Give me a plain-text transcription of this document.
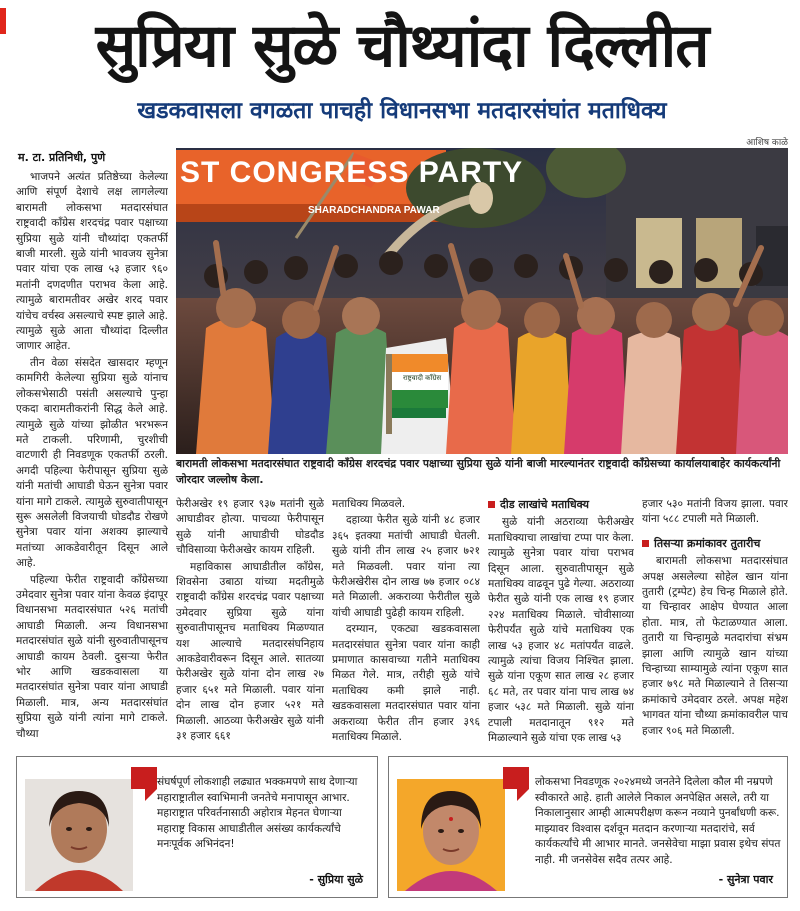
सुप्रिया सुळे चौथ्यांदा दिल्लीत
खडकवासला वगळता पाचही विधानसभा मतदारसंघांत मताधिक्य
आशिष काळे
म. टा. प्रतिनिधी, पुणे

भाजपने अत्यंत प्रतिष्ठेच्या केलेल्या आणि संपूर्ण देशाचे लक्ष लागलेल्या बारामती लोकसभा मतदारसंघात राष्ट्रवादी काँग्रेस शरदचंद्र पवार पक्षाच्या सुप्रिया सुळे यांनी चौथ्यांदा एकतर्फी बाजी मारली. सुळे यांनी भावजय सुनेत्रा पवार यांचा एक लाख ५३ हजार ९६० मतांनी दणदणीत पराभव केला आहे. त्यामुळे बारामतीवर अखेर शरद पवार यांचेच वर्चस्व असल्याचे स्पष्ट झाले आहे. त्यामुळे सुळे आता चौथ्यांदा दिल्लीत जाणार आहेत.

तीन वेळा संसदेत खासदार म्हणून कामगिरी केलेल्या सुप्रिया सुळे यांनाच लोकसभेसाठी पसंती असल्याचे पुन्हा एकदा बारामतीकरांनी सिद्ध केले आहे. त्यामुळे सुळे यांच्या झोळीत भरभरून मते टाकली. परिणामी, चुरशीची वाटणारी ही निवडणूक एकतर्फी ठरली. अगदी पहिल्या फेरीपासून सुप्रिया सुळे यांनी मतांची आघाडी घेऊन सुनेत्रा पवार यांना मागे टाकले. त्यामुळे सुरुवातीपासून सुरू असलेली विजयाची घोडदौड रोखणे सुनेत्रा पवार यांना अशक्य झाल्याचे मतांच्या आकडेवारीतून दिसून आले आहे.

पहिल्या फेरीत राष्ट्रवादी काँग्रेसच्या उमेदवार सुनेत्रा पवार यांना केवळ इंदापूर विधानसभा मतदारसंघात ५२६ मतांची आघाडी मिळाली. अन्य विधानसभा मतदारसंघांत सुळे यांनी सुरुवातीपासूनच आघाडी कायम ठेवली. दुसऱ्या फेरीत भोर आणि खडकवासला या मतदारसंघांत सुनेत्रा पवार यांना आघाडी मिळाली. मात्र, अन्य मतदारसंघांत सुप्रिया सुळे यांनी त्यांना मागे टाकले. चौथ्या

ST CONGRESS PARTY
SHARADCHANDRA PAWAR
राष्ट्रवादी काँग्रेस
बारामती लोकसभा मतदारसंघात राष्ट्रवादी काँग्रेस शरदचंद्र पवार पक्षाच्या सुप्रिया सुळे यांनी बाजी मारल्यानंतर राष्ट्रवादी काँग्रेसच्या कार्यालयाबाहेर कार्यकर्त्यांनी जोरदार जल्लोष केला.

फेरीअखेर १९ हजार ९३७ मतांनी सुळे आघाडीवर होत्या. पाचव्या फेरीपासून सुळे यांनी आघाडीची घोडदौड चौविसाव्या फेरीअखेर कायम राहिली.

महाविकास आघाडीतील काँग्रेस, शिवसेना उबाठा यांच्या मदतीमुळे राष्ट्रवादी काँग्रेस शरदचंद्र पवार पक्षाच्या उमेदवार सुप्रिया सुळे यांना सुरुवातीपासूनच मताधिक्य मिळण्यात यश आल्याचे मतदारसंघनिहाय आकडेवारीवरून दिसून आले. सातव्या फेरीअखेर सुळे यांना दोन लाख २७ हजार ६५१ मते मिळाली. पवार यांना दोन लाख दोन हजार ५२१ मते मिळाली. आठव्या फेरीअखेर सुळे यांनी ३१ हजार ६६१

मताधिक्य मिळवले.

दहाव्या फेरीत सुळे यांनी ४८ हजार ३६५ इतक्या मतांची आघाडी घेतली. सुळे यांनी तीन लाख २५ हजार ७२१ मते मिळवली. पवार यांना त्या फेरीअखेरीस दोन लाख ७७ हजार ०८४ मते मिळाली. अकराव्या फेरीतील सुळे यांची आघाडी पुढेही कायम राहिली.

दरम्यान, एकट्या खडकवासला मतदारसंघात सुनेत्रा पवार यांना काही प्रमाणात कासवाच्या गतीने मताधिक्य मिळत गेले. मात्र, तरीही सुळे यांचे मताधिक्य कमी झाले नाही. खडकवासला मतदारसंघात पवार यांना अकराव्या फेरीत तीन हजार ३९६ मताधिक्य मिळाले.

दीड लाखांचे मताधिक्य

सुळे यांनी अठराव्या फेरीअखेर मताधिक्याचा लाखांचा टप्पा पार केला. त्यामुळे सुनेत्रा पवार यांचा पराभव दिसून आला. सुरुवातीपासून सुळे मताधिक्य वाढवून पुढे गेल्या. अठराव्या फेरीत सुळे यांनी एक लाख १९ हजार २२४ मताधिक्य मिळाले. चोवीसाव्या फेरीपर्यंत सुळे यांचे मताधिक्य एक लाख ५३ हजार ४८ मतांपर्यंत वाढले. त्यामुळे त्यांचा विजय निश्चित झाला. सुळे यांना एकूण सात लाख २८ हजार ६८ मते, तर पवार यांना पाच लाख ७४ हजार ५३८ मते मिळाली. सुळे यांना टपाली मतदानातून ९१२ मते मिळाल्याने सुळे यांचा एक लाख ५३

हजार ५३० मतांनी विजय झाला. पवार यांना ५८८ टपाली मते मिळाली.

तिसऱ्या क्रमांकावर तुतारीच

बारामती लोकसभा मतदारसंघात अपक्ष असलेल्या सोहेल खान यांना तुतारी (ट्रम्पेट) हेच चिन्ह मिळाले होते. या चिन्हावर आक्षेप घेण्यात आला होता. मात्र, तो फेटाळण्यात आला. तुतारी या चिन्हामुळे मतदारांचा संभ्रम झाला आणि त्यामुळे खान यांच्या चिन्हाच्या साम्यामुळे त्यांना एकूण सात हजार ७९८ मते मिळाल्याने ते तिसऱ्या क्रमांकाचे उमेदवार ठरले. अपक्ष महेश भागवत यांना चौथ्या क्रमांकावरील पाच हजार ९०६ मते मिळाली.

संघर्षपूर्ण लोकशाही लढ्यात भक्कमपणे साथ देणाऱ्या महाराष्ट्रातील स्वाभिमानी जनतेचे मनापासून आभार. महाराष्ट्रात परिवर्तनासाठी अहोरात्र मेहनत घेणाऱ्या महाराष्ट्र विकास आघाडीतील असंख्य कार्यकर्त्यांचे मनःपूर्वक अभिनंदन!
- सुप्रिया सुळे
लोकसभा निवडणूक २०२४मध्ये जनतेने दिलेला कौल मी नम्रपणे स्वीकारते आहे. हाती आलेले निकाल अनपेक्षित असले, तरी या निकालानुसार आम्ही आत्मपरीक्षण करून नव्याने पुनर्बांधणी करू. माझ्यावर विश्वास दर्शवून मतदान करणाऱ्या मतदारांचे, सर्व कार्यकर्त्यांचे मी आभार मानते. जनसेवेचा माझा प्रवास इथेच संपत नाही. मी जनसेवेस सदैव तत्पर आहे.
- सुनेत्रा पवार
